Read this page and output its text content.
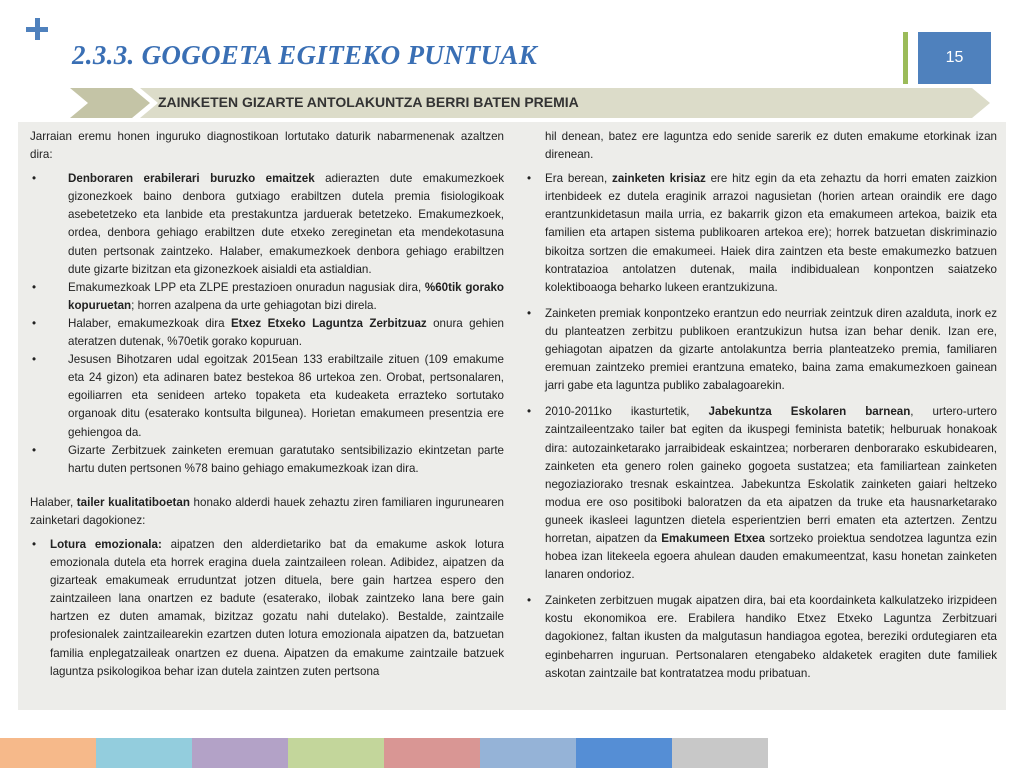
2.3.3. GOGOETA EGITEKO PUNTUAK	15
ZAINKETEN GIZARTE ANTOLAKUNTZA BERRI BATEN PREMIA

Jarraian eremu honen inguruko diagnostikoan lortutako daturik nabarmenenak azaltzen dira:

•	Denboraren erabilerari buruzko emaitzek adierazten dute emakumezkoek gizonezkoek baino denbora gutxiago erabiltzen dutela premia fisiologikoak asebetetzeko eta lanbide eta prestakuntza jarduerak betetzeko. Emakumezkoek, ordea, denbora gehiago erabiltzen dute etxeko zereginetan eta mendekotasuna duten pertsonak zaintzeko. Halaber, emakumezkoek denbora gehiago erabiltzen dute gizarte bizitzan eta gizonezkoek aisialdi eta astialdian.
•	Emakumezkoak LPP eta ZLPE prestazioen onuradun nagusiak dira, %60tik gorako kopuruetan; horren azalpena da urte gehiagotan bizi direla.
•	Halaber, emakumezkoak dira Etxez Etxeko Laguntza Zerbitzuaz onura gehien ateratzen dutenak, %70etik gorako kopuruan.
•	Jesusen Bihotzaren udal egoitzak 2015ean 133 erabiltzaile zituen (109 emakume eta 24 gizon) eta adinaren batez bestekoa 86 urtekoa zen. Orobat, pertsonalaren, egoiliarren eta senideen arteko topaketa eta kudeaketa errazteko sortutako organoak ditu (esaterako kontsulta bilgunea). Horietan emakumeen presentzia ere gehiengoa da.
•	Gizarte Zerbitzuek zainketen eremuan garatutako sentsibilizazio ekintzetan parte hartu duten pertsonen %78 baino gehiago emakumezkoak izan dira.

Halaber, tailer kualitatiboetan honako alderdi hauek zehaztu ziren familiaren ingurunearen zainketari dagokionez:

• Lotura emozionala: aipatzen den alderdietariko bat da emakume askok lotura emozionala dutela eta horrek eragina duela zaintzaileen rolean. Adibidez, aipatzen da gizarteak emakumeak erruduntzat jotzen dituela, bere gain hartzea espero den zaintzaileen lana onartzen ez badute (esaterako, ilobak zaintzeko lana bere gain hartzen ez duten amamak, bizitzaz gozatu nahi dutelako). Bestalde, zaintzaile profesionalek zaintzailearekin ezartzen duten lotura emozionala aipatzen da, batzuetan familia enplegatzaileak onartzen ez duena. Aipatzen da emakume zaintzaile batzuek laguntza psikologikoa behar izan dutela zaintzen zuten pertsona

hil denean, batez ere laguntza edo senide sarerik ez duten emakume etorkinak izan direnean.

• Era berean, zainketen krisiaz ere hitz egin da eta zehaztu da horri ematen zaizkion irtenbideek ez dutela eraginik arrazoi nagusietan (horien artean oraindik ere dago erantzunkidetasun maila urria, ez bakarrik gizon eta emakumeen artekoa, baizik eta familien eta artapen sistema publikoaren artekoa ere); horrek batzuetan diskriminazio bikoitza sortzen die emakumeei. Haiek dira zaintzen eta beste emakumezko batzuen kontratazioa antolatzen dutenak, maila indibidualean konpontzen saiatzeko kolektiboaoga beharko lukeen erantzukizuna.
• Zainketen premiak konpontzeko erantzun edo neurriak zeintzuk diren azalduta, inork ez du planteatzen zerbitzu publikoen erantzukizun hutsa izan behar denik. Izan ere, gehiagotan aipatzen da gizarte antolakuntza berria planteatzeko premia, familiaren eremuan zaintzeko premiei erantzuna emateko, baina zama emakumezkoen gainean jarri gabe eta laguntza publiko zabalagoarekin.
• 2010-2011ko ikasturtetik, Jabekuntza Eskolaren barnean, urtero-urtero zaintzaileentzako tailer bat egiten da ikuspegi feminista batetik; helburuak honakoak dira: autozainketarako jarraibideak eskaintzea; norberaren denborarako eskubidearen, zainketen eta genero rolen gaineko gogoeta sustatzea; eta familiartean zainketen negoziaziorako tresnak eskaintzea. Jabekuntza Eskolatik zainketen gaiari heltzeko modua ere oso positiboki baloratzen da eta aipatzen da truke eta hausnarketarako guneek ikasleei laguntzen dietela esperientzien berri ematen eta aztertzen. Zentzu horretan, aipatzen da Emakumeen Etxea sortzeko proiektua sendotzea laguntza ezin hobea izan litekeela egoera ahulean dauden emakumeentzat, kasu honetan zainketen lanaren ondorioz.
• Zainketen zerbitzuen mugak aipatzen dira, bai eta koordainketa kalkulatzeko irizpideen kostu ekonomikoa ere. Erabilera handiko Etxez Etxeko Laguntza Zerbitzuari dagokionez, faltan ikusten da malgutasun handiagoa egotea, bereziki ordutegiaren eta eginbeharren inguruan. Pertsonalaren etengabeko aldaketek eragiten dute familiek askotan zaintzaile bat kontratatzea modu pribatuan.
